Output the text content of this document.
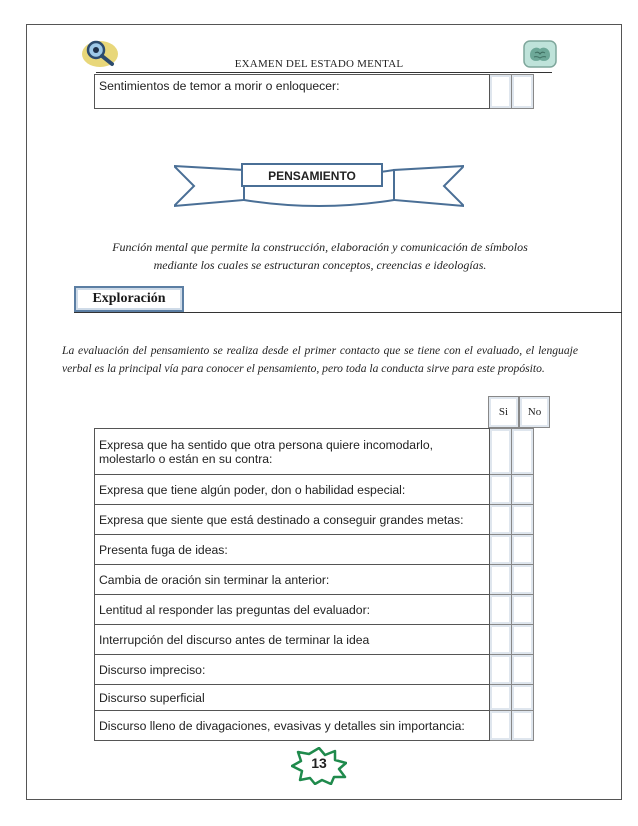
EXAMEN DEL ESTADO MENTAL
Sentimientos de temor a morir o enloquecer:		
PENSAMIENTO
Función mental que permite la construcción, elaboración y comunicación de símbolos mediante los cuales se estructuran conceptos, creencias e ideologías.
Exploración
La evaluación del pensamiento se realiza desde el primer contacto que se tiene con el evaluado, el lenguaje verbal es la principal vía para conocer el pensamiento, pero toda la conducta sirve para este propósito.
Si	No
Expresa que ha sentido que otra persona quiere incomodarlo, molestarlo o están en su contra:		
Expresa que tiene algún poder, don o habilidad especial:		
Expresa que siente que está destinado a conseguir grandes metas:		
Presenta fuga de ideas:		
Cambia de oración sin terminar la anterior:		
Lentitud al responder las preguntas del evaluador:		
Interrupción del discurso antes de terminar la idea		
Discurso impreciso:		
Discurso superficial		
Discurso lleno de divagaciones, evasivas y detalles sin importancia:		
13
